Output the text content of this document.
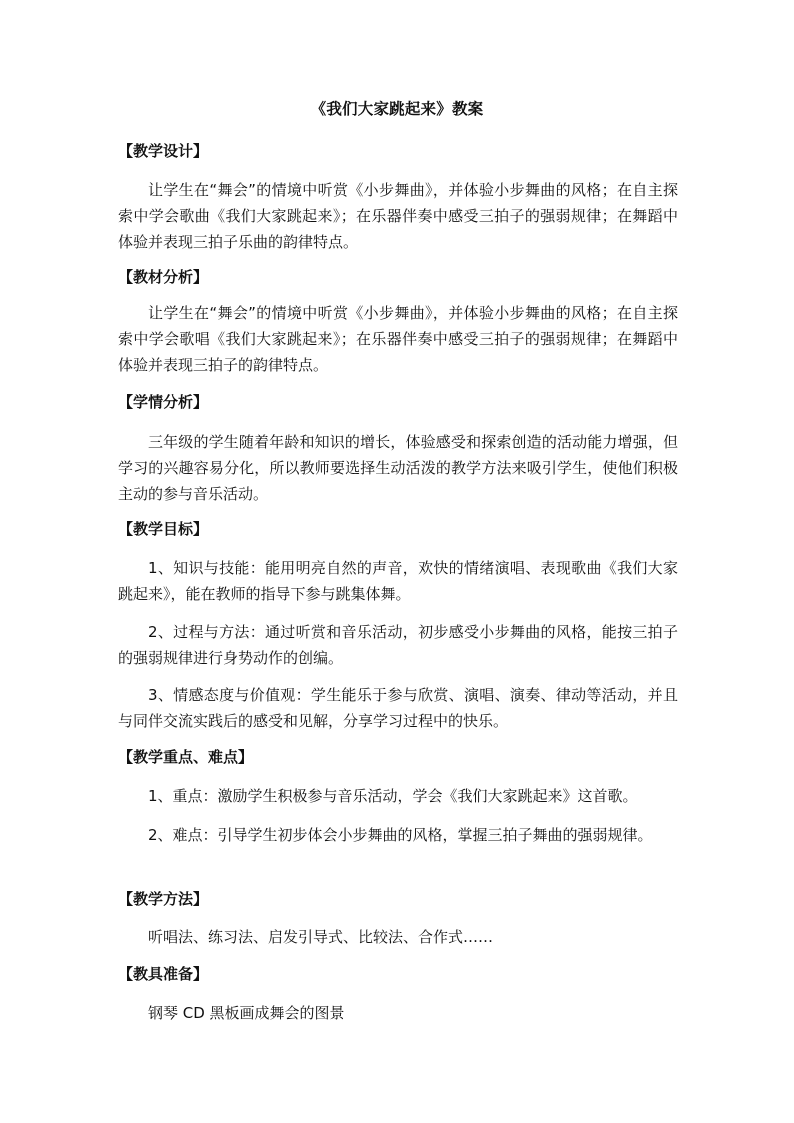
《我们大家跳起来》教案
【教学设计】

让学生在“舞会”的情境中听赏《小步舞曲》，并体验小步舞曲的风格；在自主探索中学会歌曲《我们大家跳起来》；在乐器伴奏中感受三拍子的强弱规律；在舞蹈中体验并表现三拍子乐曲的韵律特点。

【教材分析】

让学生在“舞会”的情境中听赏《小步舞曲》，并体验小步舞曲的风格；在自主探索中学会歌唱《我们大家跳起来》；在乐器伴奏中感受三拍子的强弱规律；在舞蹈中体验并表现三拍子的韵律特点。

【学情分析】

三年级的学生随着年龄和知识的增长，体验感受和探索创造的活动能力增强，但学习的兴趣容易分化，所以教师要选择生动活泼的教学方法来吸引学生，使他们积极主动的参与音乐活动。

【教学目标】

1、知识与技能：能用明亮自然的声音，欢快的情绪演唱、表现歌曲《我们大家跳起来》，能在教师的指导下参与跳集体舞。

2、过程与方法：通过听赏和音乐活动，初步感受小步舞曲的风格，能按三拍子的强弱规律进行身势动作的创编。

3、情感态度与价值观：学生能乐于参与欣赏、演唱、演奏、律动等活动，并且与同伴交流实践后的感受和见解，分享学习过程中的快乐。

【教学重点、难点】

1、重点：激励学生积极参与音乐活动，学会《我们大家跳起来》这首歌。

2、难点：引导学生初步体会小步舞曲的风格，掌握三拍子舞曲的强弱规律。

【教学方法】

听唱法、练习法、启发引导式、比较法、合作式……

【教具准备】

钢琴 CD 黑板画成舞会的图景
